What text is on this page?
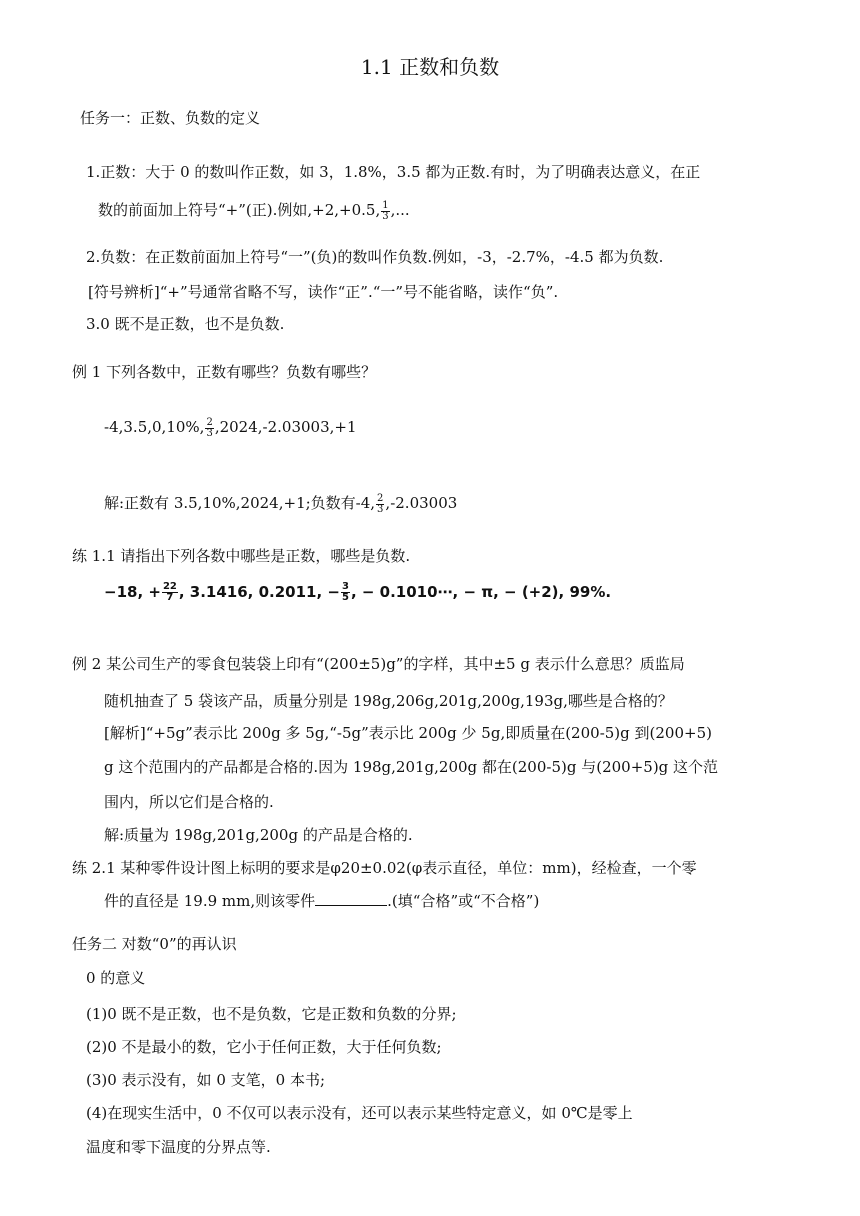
1.1 正数和负数
任务一：正数、负数的定义
1.正数：大于 0 的数叫作正数，如 3，1.8%，3.5 都为正数.有时，为了明确表达意义，在正
数的前面加上符号“+”(正).例如,+2,+0.5, $\frac{1}{3}$ ,...
2.负数：在正数前面加上符号“一”(负)的数叫作负数.例如，-3，-2.7%，-4.5 都为负数.
[符号辨析]“+”号通常省略不写，读作“正”.“一”号不能省略，读作“负”.
3.0 既不是正数，也不是负数.
例 1 下列各数中，正数有哪些？负数有哪些？
-4,3.5,0,10%, $\frac{2}{3} ,2024,-2.03003,+1$
解:正数有 3.5,10%,2024,+1;负数有-4, $\frac{2}{3} ,-2.03003$
练 1.1 请指出下列各数中哪些是正数，哪些是负数.
−18, + $\frac{22}{7}$ , 3.1416, 0.2011, − $\frac{3}{5}$ , − 0.1010⋯, − π, − (+2), 99%.
例 2 某公司生产的零食包装袋上印有“(200±5)g”的字样，其中±5 g 表示什么意思？质监局
随机抽查了 5 袋该产品，质量分别是 198g,206g,201g,200g,193g,哪些是合格的？
[解析]“+5g”表示比 200g 多 5g,“-5g”表示比 200g 少 5g,即质量在(200-5)g 到(200+5)
g 这个范围内的产品都是合格的.因为 198g,201g,200g 都在(200-5)g 与(200+5)g 这个范
围内，所以它们是合格的.
解:质量为 198g,201g,200g 的产品是合格的.
练 2.1 某种零件设计图上标明的要求是φ20±0.02(φ表示直径，单位：mm)，经检查，一个零
件的直径是 19.9 mm,则该零件	.(填“合格”或“不合格”)
任务二 对数“0”的再认识
0 的意义
(1)0 既不是正数，也不是负数，它是正数和负数的分界;
(2)0 不是最小的数，它小于任何正数，大于任何负数;
(3)0 表示没有，如 0 支笔，0 本书;
(4)在现实生活中，0 不仅可以表示没有，还可以表示某些特定意义，如 0℃是零上
温度和零下温度的分界点等.
